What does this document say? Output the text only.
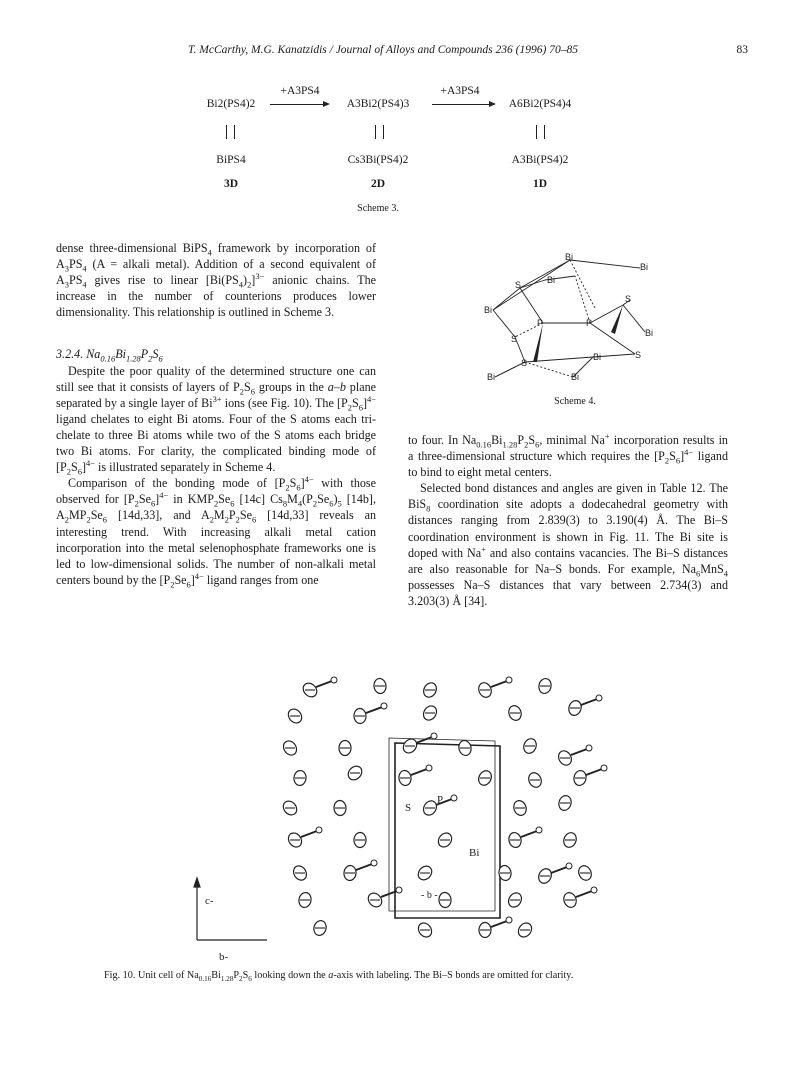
T. McCarthy, M.G. Kanatzidis / Journal of Alloys and Compounds 236 (1996) 70–85	83
+A3PS4	+A3PS4
Bi2(PS4)2	A3Bi2(PS4)3	A6Bi2(PS4)4
BiPS4	Cs3Bi(PS4)2	A3Bi(PS4)2
3D	2D	1D
Scheme 3.

dense three-dimensional BiPS$_4$ framework by incorporation of $A_3PS_4$ (A = alkali metal). Addition of a second equivalent of $A_3PS_4$ gives rise to linear $[Bi(PS_4)_2]^{3-}$ anionic chains. The increase in the number of counterions produces lower dimensionality. This relationship is outlined in Scheme 3.

3.2.4. $Na_{0.16}Bi_{1.28}P_2S_6$

Despite the poor quality of the determined structure one can still see that it consists of layers of $P_2S_6$ groups in the a–b plane separated by a single layer of $Bi^{3+}$ ions (see Fig. 10). The $[P_2S_6]^{4-}$ ligand chelates to eight Bi atoms. Four of the S atoms each tri-chelate to three Bi atoms while two of the S atoms each bridge two Bi atoms. For clarity, the complicated binding mode of $[P_2S_6]^{4-}$ is illustrated separately in Scheme 4.

Comparison of the bonding mode of $[P_2S_6]^{4-}$ with those observed for $[P_2Se_6]^{4-}$ in $KMP_2Se_6$ [14c] $Cs_8M_4(P_2Se_6)_5$ [14b], $A_2MP_2Se_6$ [14d,33], and $A_2M_2P_2Se_6$ [14d,33] reveals an interesting trend. With increasing alkali metal cation incorporation into the metal selenophosphate frameworks one is led to low-dimensional solids. The number of non-alkali metal centers bound by the $[P_2Se_6]^{4-}$ ligand ranges from one

Bi
Bi
S	Bi
S
Bi
P	P
Bi
S
S
Bi
S
Bi	Bi
Scheme 4.

to four. In $Na_{0.16}Bi_{1.28}P_2S_6$, minimal Na+ incorporation results in a three-dimensional structure which requires the $[P_2S_6]^{4-}$ ligand to bind to eight metal centers.

Selected bond distances and angles are given in Table 12. The BiS$_8$ coordination site adopts a dodecahedral geometry with distances ranging from 2.839(3) to 3.190(4) Å. The Bi–S coordination environment is shown in Fig. 11. The Bi site is doped with Na+ and also contains vacancies. The Bi–S distances are also reasonable for Na–S bonds. For example, $Na_6MnS_4$ possesses Na–S distances that vary between 2.734(3) and 3.203(3) Å [34].

c-
b-
S
P
Bi
- b -
Fig. 10. Unit cell of $Na_{0.16}Bi_{1.28}P_2S_6$ looking down the a-axis with labeling. The Bi–S bonds are omitted for clarity.
